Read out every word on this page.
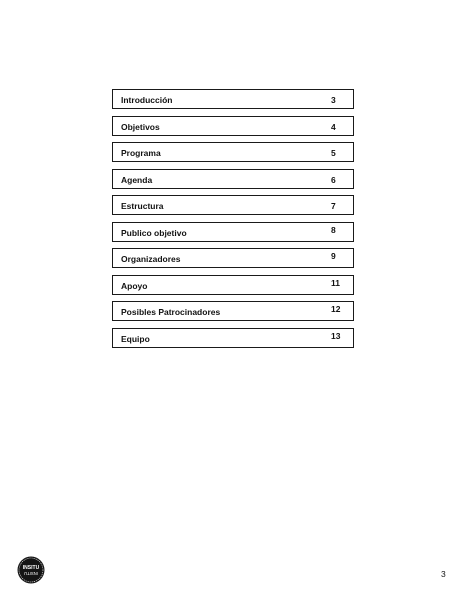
Introducción	3
Objetivos	4
Programa	5
Agenda	6
Estructura	7
Publico objetivo	8
Organizadores	9
Apoyo	11
Posibles Patrocinadores	12
Equipo	13
INSITU
INSITU	3
